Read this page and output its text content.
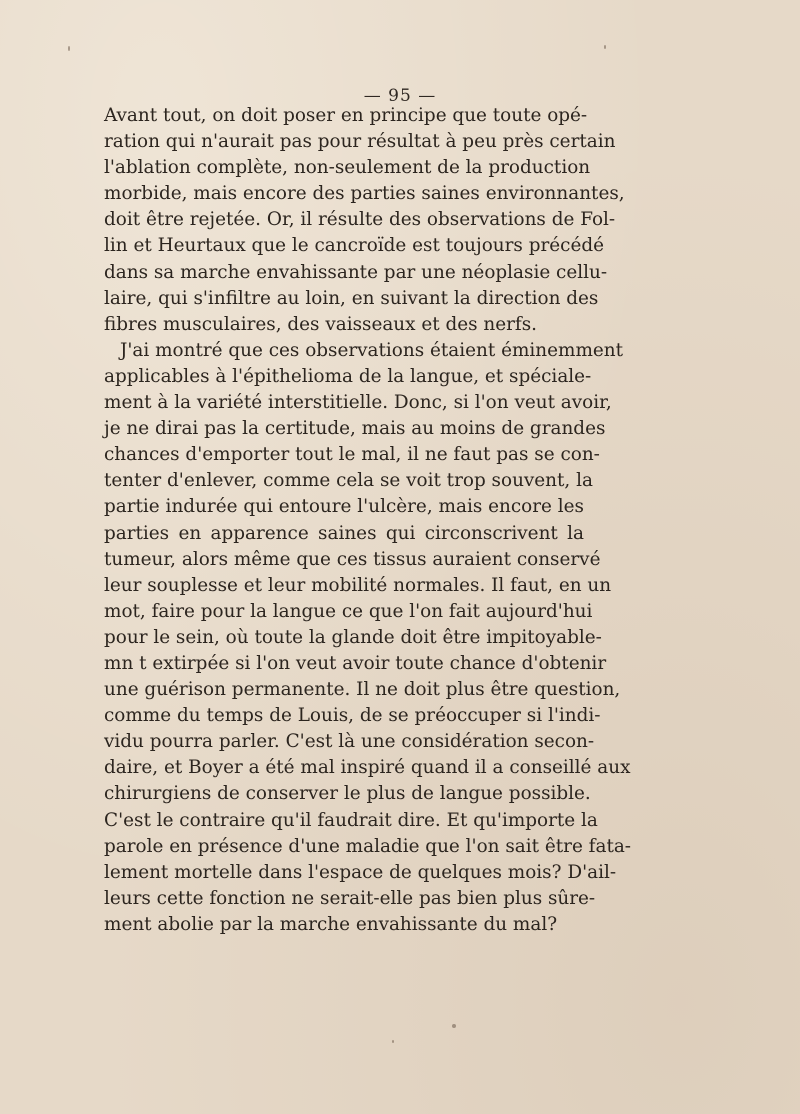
— 95 —
Avant tout, on doit poser en principe que toute opé-
ration qui n'aurait pas pour résultat à peu près certain
l'ablation complète, non-seulement de la production
morbide, mais encore des parties saines environnantes,
doit être rejetée. Or, il résulte des observations de Fol-
lin et Heurtaux que le cancroïde est toujours précédé
dans sa marche envahissante par une néoplasie cellu-
laire, qui s'infiltre au loin, en suivant la direction des
fibres musculaires, des vaisseaux et des nerfs.
J'ai montré que ces observations étaient éminemment
applicables à l'épithelioma de la langue, et spéciale-
ment à la variété interstitielle. Donc, si l'on veut avoir,
je ne dirai pas la certitude, mais au moins de grandes
chances d'emporter tout le mal, il ne faut pas se con-
tenter d'enlever, comme cela se voit trop souvent, la
partie indurée qui entoure l'ulcère, mais encore les
parties en apparence saines qui circonscrivent la
tumeur, alors même que ces tissus auraient conservé
leur souplesse et leur mobilité normales. Il faut, en un
mot, faire pour la langue ce que l'on fait aujourd'hui
pour le sein, où toute la glande doit être impitoyable-
mn t extirpée si l'on veut avoir toute chance d'obtenir
une guérison permanente. Il ne doit plus être question,
comme du temps de Louis, de se préoccuper si l'indi-
vidu pourra parler. C'est là une considération secon-
daire, et Boyer a été mal inspiré quand il a conseillé aux
chirurgiens de conserver le plus de langue possible.
C'est le contraire qu'il faudrait dire. Et qu'importe la
parole en présence d'une maladie que l'on sait être fata-
lement mortelle dans l'espace de quelques mois? D'ail-
leurs cette fonction ne serait-elle pas bien plus sûre-
ment abolie par la marche envahissante du mal?
